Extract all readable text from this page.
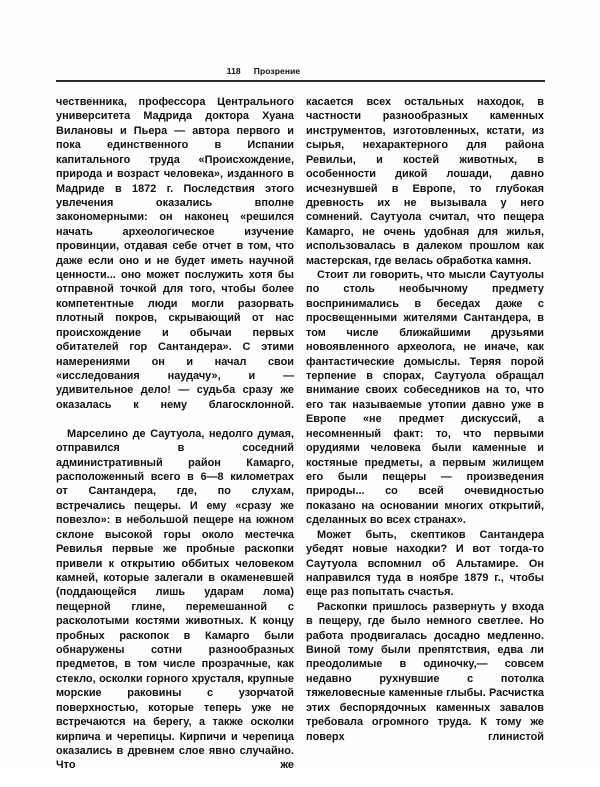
118 Прозрение

чественника, профессора Центрального университета Мадрида доктора Хуана Вилановы и Пьера — автора первого и пока единственного в Испании капитального труда «Происхождение, природа и возраст человека», изданного в Мадриде в 1872 г. Последствия этого увлечения оказались вполне закономерными: он наконец «решился начать археологическое изучение провинции, отдавая себе отчет в том, что даже если оно и не будет иметь научной ценности... оно может послужить хотя бы отправной точкой для того, чтобы более компетентные люди могли разорвать плотный покров, скрывающий от нас происхождение и обычаи первых обитателей гор Сантандера». С этими намерениями он и начал свои «исследования наудачу», и — удивительное дело! — судьба сразу же оказалась к нему благосклонной.

Марселино де Саутуола, недолго думая, отправился в соседний административный район Камарго, расположенный всего в 6—8 километрах от Сантандера, где, по слухам, встречались пещеры. И ему «сразу же повезло»: в небольшой пещере на южном склоне высокой горы около местечка Ревилья первые же пробные раскопки привели к открытию оббитых человеком камней, которые залегали в окаменевшей (поддающейся лишь ударам лома) пещерной глине, перемешанной с расколотыми костями животных. К концу пробных раскопок в Камарго были обнаружены сотни разнообразных предметов, в том числе прозрачные, как стекло, осколки горного хрусталя, крупные морские раковины с узорчатой поверхностью, которые теперь уже не встречаются на берегу, а также осколки кирпича и черепицы. Кирпичи и черепица оказались в древнем слое явно случайно. Что же

касается всех остальных находок, в частности разнообразных каменных инструментов, изготовленных, кстати, из сырья, нехарактерного для района Ревильи, и костей животных, в особенности дикой лошади, давно исчезнувшей в Европе, то глубокая древность их не вызывала у него сомнений. Саутуола считал, что пещера Камарго, не очень удобная для жилья, использовалась в далеком прошлом как мастерская, где велась обработка камня.

Стоит ли говорить, что мысли Саутуолы по столь необычному предмету воспринимались в беседах даже с просвещенными жителями Сантандера, в том числе ближайшими друзьями новоявленного археолога, не иначе, как фантастические домыслы. Теряя порой терпение в спорах, Саутуола обращал внимание своих собеседников на то, что его так называемые утопии давно уже в Европе «не предмет дискуссий, а несомненный факт: то, что первыми орудиями человека были каменные и костяные предметы, а первым жилищем его были пещеры — произведения природы... со всей очевидностью показано на основании многих открытий, сделанных во всех странах».

Может быть, скептиков Сантандера убедят новые находки? И вот тогда-то Саутуола вспомнил об Альтамире. Он направился туда в ноябре 1879 г., чтобы еще раз попытать счастья.

Раскопки пришлось развернуть у входа в пещеру, где было немного светлее. Но работа продвигалась досадно медленно. Виной тому были препятствия, едва ли преодолимые в одиночку,— совсем недавно рухнувшие с потолка тяжеловесные каменные глыбы. Расчистка этих беспорядочных каменных завалов требовала огромного труда. К тому же поверх глинистой
